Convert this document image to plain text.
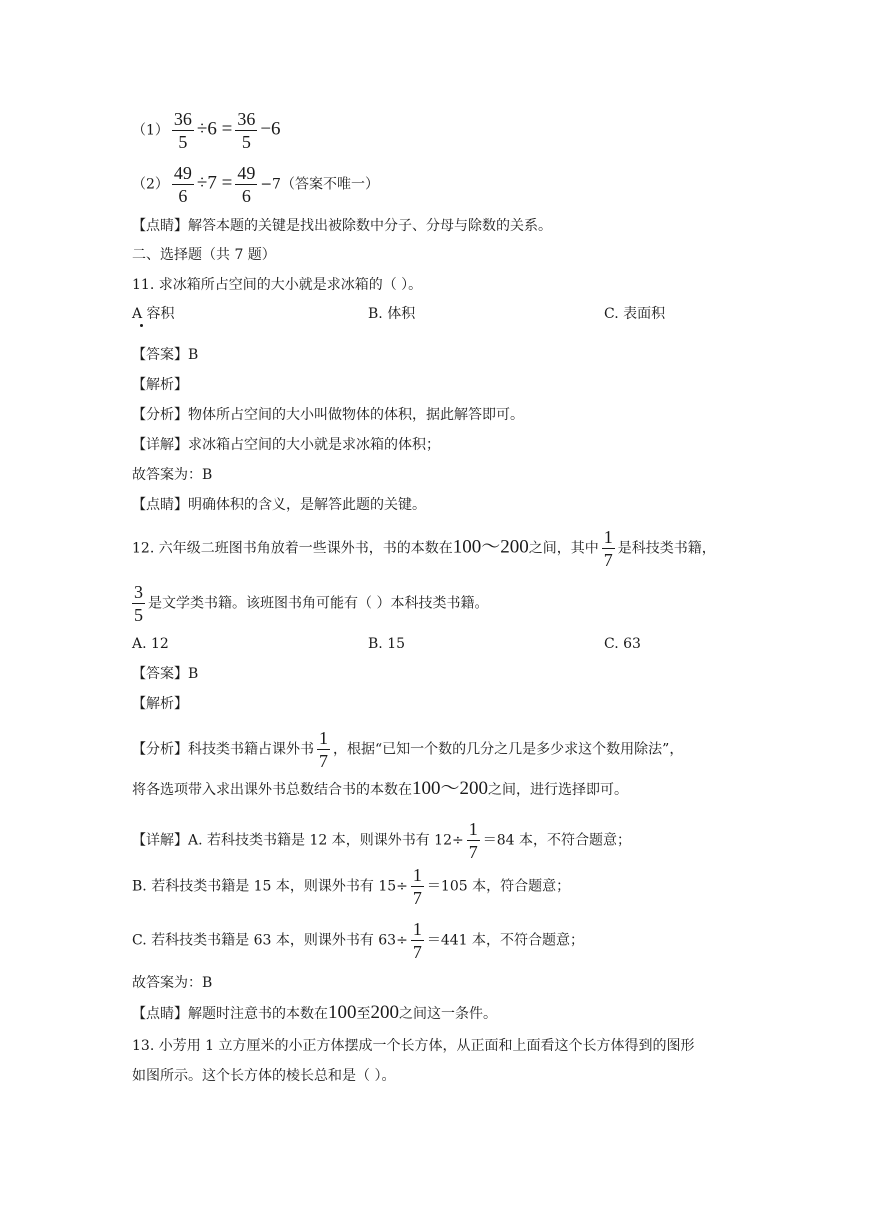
$(1) \frac{36}{5} \div 6 = \frac{36}{5} -6$
$(2) \frac{49}{6} \div 7 = \frac{49}{6} -7$（答案不唯一）
【点睛】解答本题的关键是找出被除数中分子、分母与除数的关系。
二、选择题（共 7 题）
11. 求冰箱所占空间的大小就是求冰箱的（ ）。
A 容积	B. 体积	C. 表面积
【答案】B
【解析】
【分析】物体所占空间的大小叫做物体的体积，据此解答即可。
【详解】求冰箱占空间的大小就是求冰箱的体积；
故答案为：B
【点睛】明确体积的含义，是解答此题的关键。
12. 六年级二班图书角放着一些课外书，书的本数在100～200之间，其中 $\frac{1}{7}$ 是科技类书籍，
$\frac{3}{5}$ 是文学类书籍。该班图书角可能有（ ）本科技类书籍。
A. 12	B. 15	C. 63
【答案】B
【解析】
【分析】科技类书籍占课外书 $\frac{1}{7}$ ，根据“已知一个数的几分之几是多少求这个数用除法”，
将各选项带入求出课外书总数结合书的本数在100～200之间，进行选择即可。
【详解】A. 若科技类书籍是 12 本，则课外书有 $12\div \frac{1}{7} =84$ 本，不符合题意；
B. 若科技类书籍是 15 本，则课外书有 $15\div \frac{1}{7} =105$ 本，符合题意；
C. 若科技类书籍是 63 本，则课外书有 $63\div \frac{1}{7} =441$ 本，不符合题意；
故答案为：B
【点睛】解题时注意书的本数在100至200之间这一条件。
13. 小芳用 1 立方厘米的小正方体摆成一个长方体，从正面和上面看这个长方体得到的图形
如图所示。这个长方体的棱长总和是（ ）。
